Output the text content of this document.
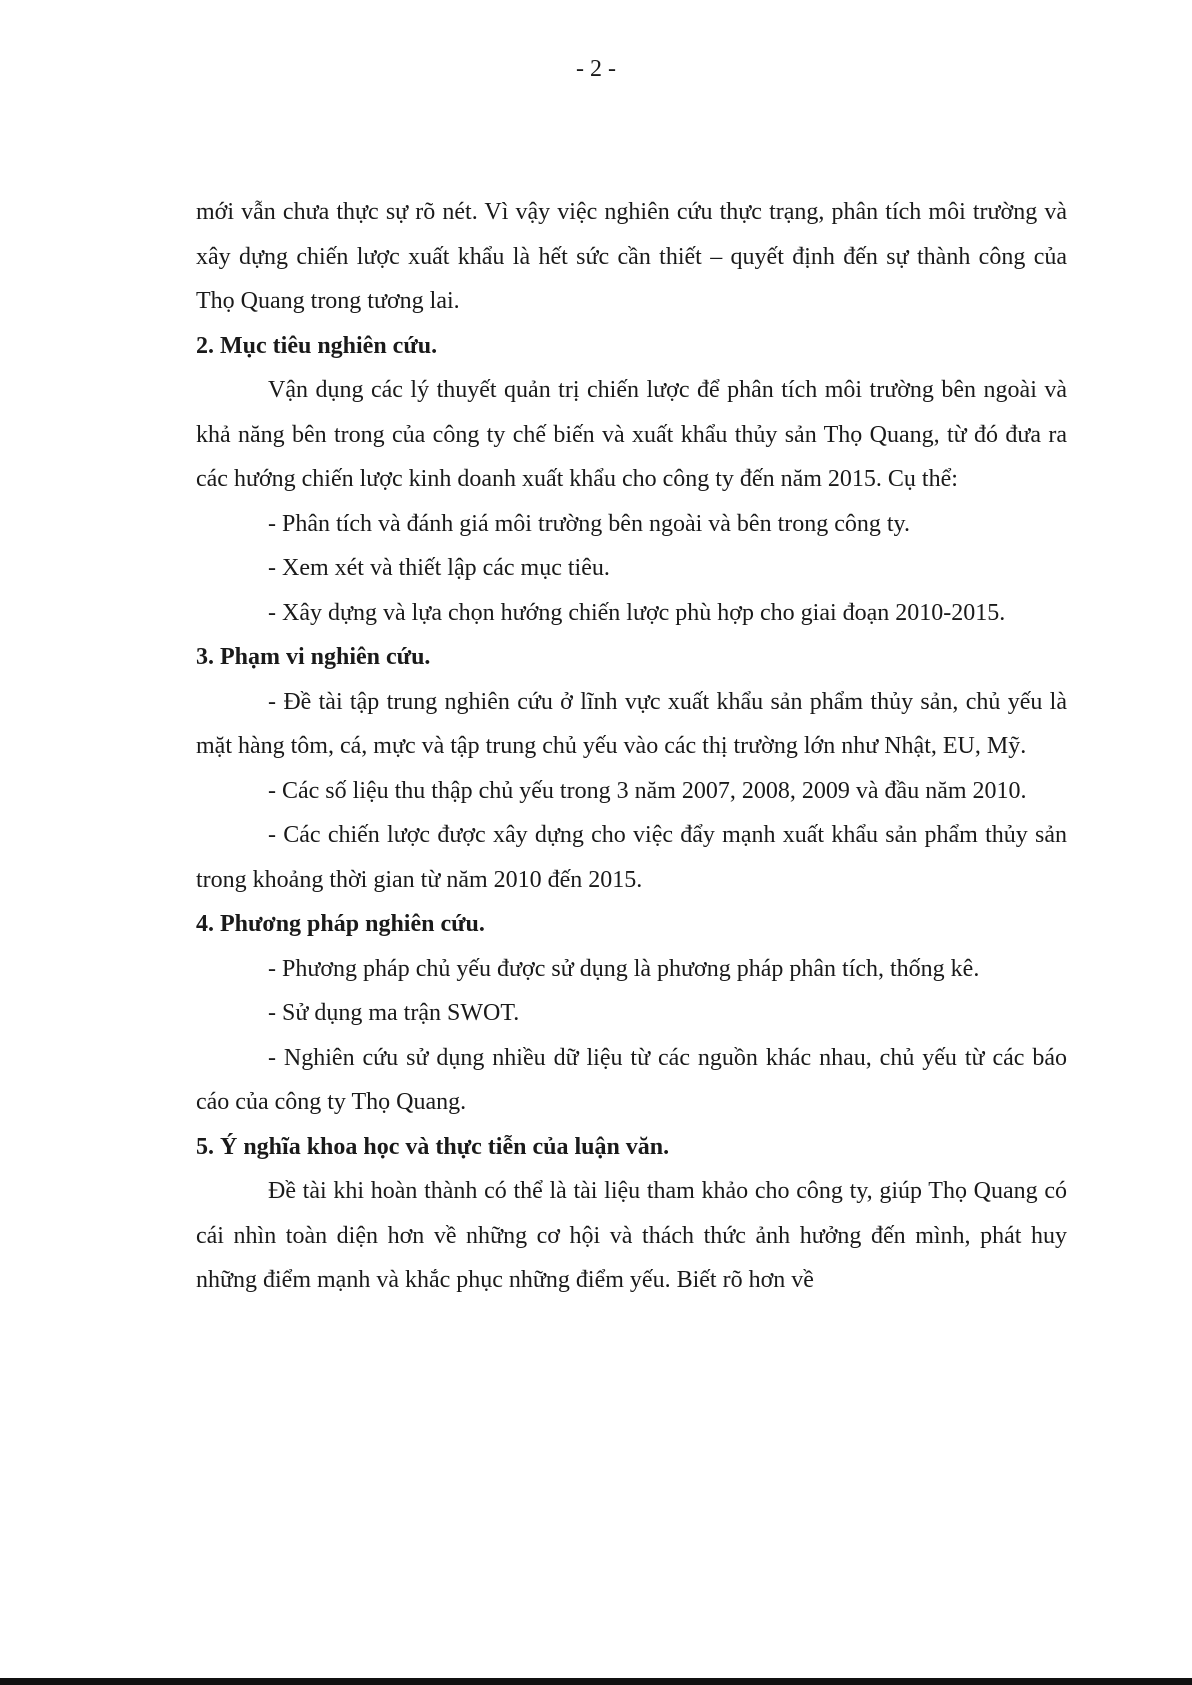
- 2 -

mới vẫn chưa thực sự rõ nét. Vì vậy việc nghiên cứu thực trạng, phân tích môi trường và xây dựng chiến lược xuất khẩu là hết sức cần thiết – quyết định đến sự thành công của Thọ Quang trong tương lai.

2. Mục tiêu nghiên cứu.

Vận dụng các lý thuyết quản trị chiến lược để phân tích môi trường bên ngoài và khả năng bên trong của công ty chế biến và xuất khẩu thủy sản Thọ Quang, từ đó đưa ra các hướng chiến lược kinh doanh xuất khẩu cho công ty đến năm 2015. Cụ thể:

- Phân tích và đánh giá môi trường bên ngoài và bên trong công ty.

- Xem xét và thiết lập các mục tiêu.

- Xây dựng và lựa chọn hướng chiến lược phù hợp cho giai đoạn 2010-2015.

3. Phạm vi nghiên cứu.

- Đề tài tập trung nghiên cứu ở lĩnh vực xuất khẩu sản phẩm thủy sản, chủ yếu là mặt hàng tôm, cá, mực và tập trung chủ yếu vào các thị trường lớn như Nhật, EU, Mỹ.

- Các số liệu thu thập chủ yếu trong 3 năm 2007, 2008, 2009 và đầu năm 2010.

- Các chiến lược được xây dựng cho việc đẩy mạnh xuất khẩu sản phẩm thủy sản trong khoảng thời gian từ năm 2010 đến 2015.

4. Phương pháp nghiên cứu.

- Phương pháp chủ yếu được sử dụng là phương pháp phân tích, thống kê.

- Sử dụng ma trận SWOT.

- Nghiên cứu sử dụng nhiều dữ liệu từ các nguồn khác nhau, chủ yếu từ các báo cáo của công ty Thọ Quang.

5. Ý nghĩa khoa học và thực tiễn của luận văn.

Đề tài khi hoàn thành có thể là tài liệu tham khảo cho công ty, giúp Thọ Quang có cái nhìn toàn diện hơn về những cơ hội và thách thức ảnh hưởng đến mình, phát huy những điểm mạnh và khắc phục những điểm yếu. Biết rõ hơn về
